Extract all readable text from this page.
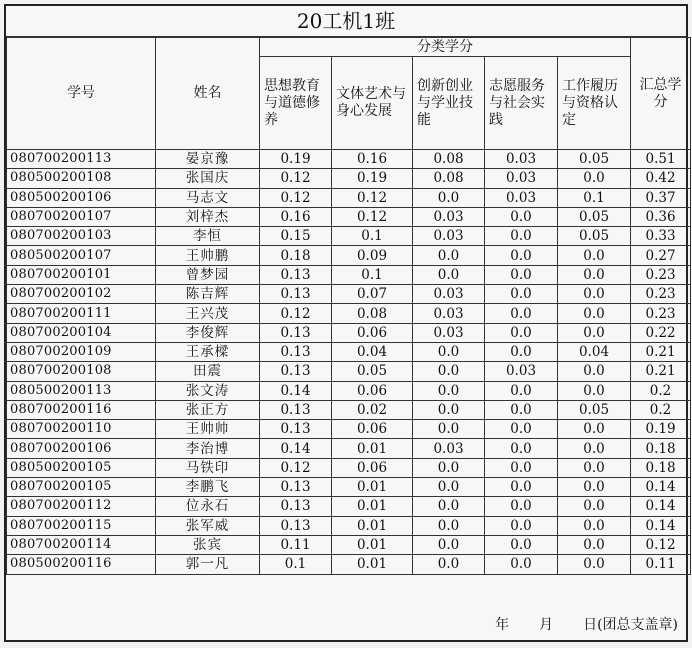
20工机1班
学号	姓名	分类学分					汇总学分
		思想教育与道德修养	文体艺术与身心发展	创新创业与学业技能	志愿服务与社会实践	工作履历与资格认定	
080700200113	晏京豫	0.19	0.16	0.08	0.03	0.05	0.51
080500200108	张国庆	0.12	0.19	0.08	0.03	0.0	0.42
080500200106	马志文	0.12	0.12	0.0	0.03	0.1	0.37
080700200107	刘梓杰	0.16	0.12	0.03	0.0	0.05	0.36
080700200103	李恒	0.15	0.1	0.03	0.0	0.05	0.33
080500200107	王帅鹏	0.18	0.09	0.0	0.0	0.0	0.27
080700200101	曾梦园	0.13	0.1	0.0	0.0	0.0	0.23
080700200102	陈吉辉	0.13	0.07	0.03	0.0	0.0	0.23
080700200111	王兴茂	0.12	0.08	0.03	0.0	0.0	0.23
080700200104	李俊辉	0.13	0.06	0.03	0.0	0.0	0.22
080700200109	王承樑	0.13	0.04	0.0	0.0	0.04	0.21
080700200108	田震	0.13	0.05	0.0	0.03	0.0	0.21
080500200113	张文涛	0.14	0.06	0.0	0.0	0.0	0.2
080700200116	张正方	0.13	0.02	0.0	0.0	0.05	0.2
080700200110	王帅帅	0.13	0.06	0.0	0.0	0.0	0.19
080700200106	李治博	0.14	0.01	0.03	0.0	0.0	0.18
080500200105	马铁印	0.12	0.06	0.0	0.0	0.0	0.18
080700200105	李鹏飞	0.13	0.01	0.0	0.0	0.0	0.14
080700200112	位永石	0.13	0.01	0.0	0.0	0.0	0.14
080700200115	张军威	0.13	0.01	0.0	0.0	0.0	0.14
080700200114	张宾	0.11	0.01	0.0	0.0	0.0	0.12
080500200116	郭一凡	0.1	0.01	0.0	0.0	0.0	0.11
年 月 日(团总支盖章)
